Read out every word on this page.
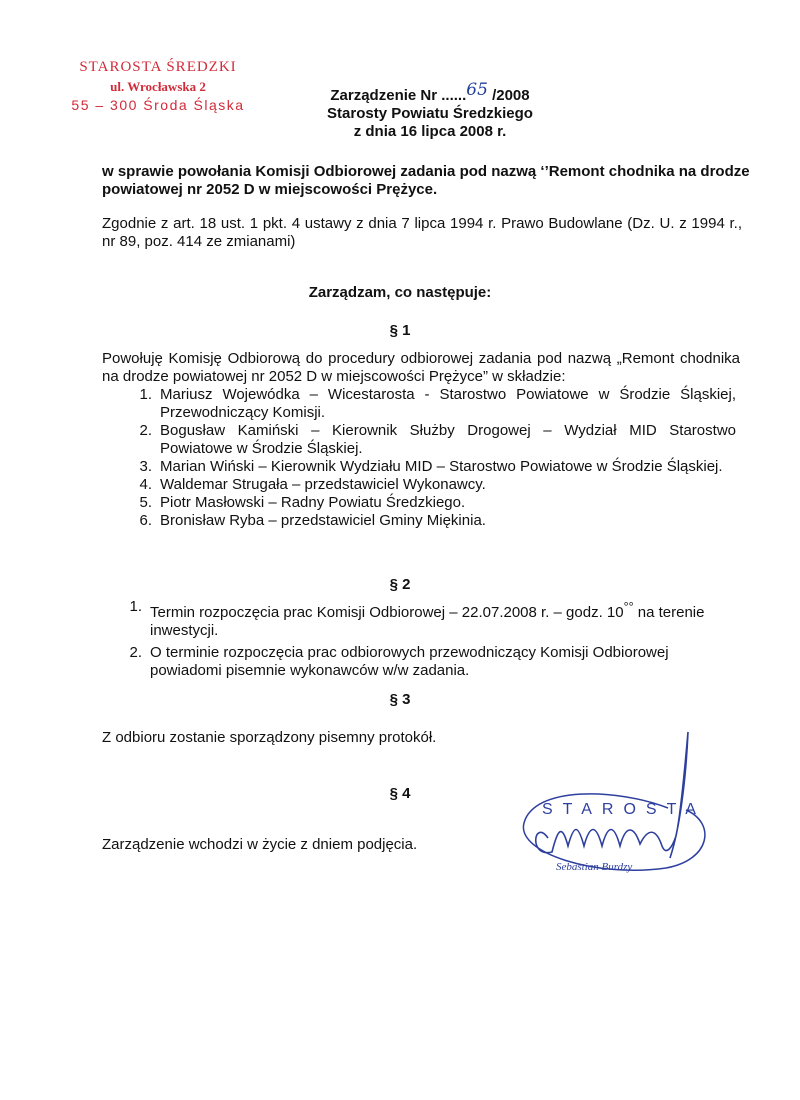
STAROSTA ŚREDZKI
ul. Wrocławska 2
55 – 300 Środa Śląska
Zarządzenie Nr ......65 /2008
Starosty Powiatu Średzkiego
z dnia 16 lipca 2008 r.
w sprawie powołania Komisji Odbiorowej zadania pod nazwą ‘’Remont chodnika na drodze powiatowej nr 2052 D w miejscowości Prężyce.
Zgodnie z art. 18 ust. 1 pkt. 4 ustawy z dnia 7 lipca 1994 r. Prawo Budowlane (Dz. U. z 1994 r., nr 89, poz. 414 ze zmianami)
Zarządzam, co następuje:
§ 1
Powołuję Komisję Odbiorową do procedury odbiorowej zadania pod nazwą „Remont chodnika na drodze powiatowej nr 2052 D w miejscowości Prężyce” w składzie:
1. Mariusz Wojewódka – Wicestarosta - Starostwo Powiatowe w Środzie Śląskiej, Przewodniczący Komisji.
2. Bogusław Kamiński – Kierownik Służby Drogowej – Wydział MID Starostwo Powiatowe w Środzie Śląskiej.
3. Marian Wiński – Kierownik Wydziału MID – Starostwo Powiatowe w Środzie Śląskiej.
4. Waldemar Strugała – przedstawiciel Wykonawcy.
5. Piotr Masłowski – Radny Powiatu Średzkiego.
6. Bronisław Ryba – przedstawiciel Gminy Miękinia.
§ 2
1. Termin rozpoczęcia prac Komisji Odbiorowej – 22.07.2008 r. – godz. 10°° na terenie inwestycji.
2. O terminie rozpoczęcia prac odbiorowych przewodniczący Komisji Odbiorowej powiadomi pisemnie wykonawców w/w zadania.
§ 3
Z odbioru zostanie sporządzony pisemny protokół.
§ 4
Zarządzenie wchodzi w życie z dniem podjęcia.
STAROSTA
Sebastian Burdzy
